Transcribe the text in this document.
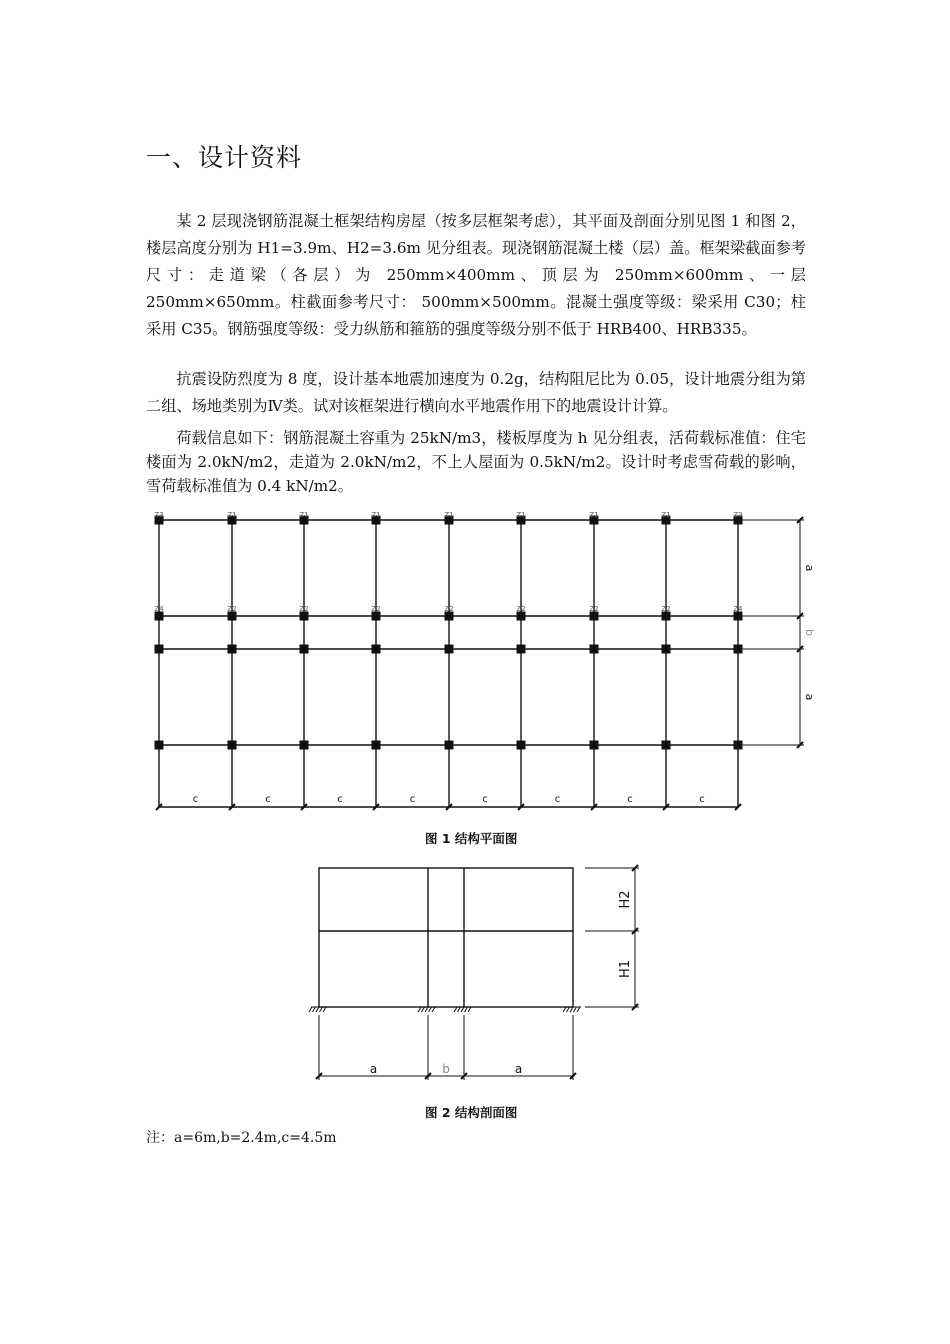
一、设计资料

某 2 层现浇钢筋混凝土框架结构房屋（按多层框架考虑），其平面及剖面分别见图 1 和图 2，楼层高度分别为 H1=3.9m、H2=3.6m 见分组表。现浇钢筋混凝土楼（层）盖。框架梁截面参考尺寸：走道梁（各层）为 250mm×400mm、顶层为 250mm×600mm、一层 250mm×650mm。柱截面参考尺寸： 500mm×500mm。混凝土强度等级：梁采用 C30；柱采用 C35。钢筋强度等级：受力纵筋和箍筋的强度等级分别不低于 HRB400、HRB335。

抗震设防烈度为 8 度，设计基本地震加速度为 0.2g，结构阻尼比为 0.05，设计地震分组为第二组、场地类别为Ⅳ类。试对该框架进行横向水平地震作用下的地震设计计算。

荷载信息如下：钢筋混凝土容重为 25kN/m3，楼板厚度为 h 见分组表，活荷载标准值：住宅楼面为 2.0kN/m2，走道为 2.0kN/m2，不上人屋面为 0.5kN/m2。设计时考虑雪荷载的影响，雪荷载标准值为 0.4 kN/m2。

Z3	Z1	Z1	Z1	Z1	Z1	Z1	Z1	Z3
Z4	Z2	Z2	Z2	Z2	Z2	Z2	Z2	Z4
c	c	c	c	c	c	c	c
a
b
a
图 1 结构平面图
H2
H1
a	b	a
图 2 结构剖面图
注：a=6m,b=2.4m,c=4.5m
